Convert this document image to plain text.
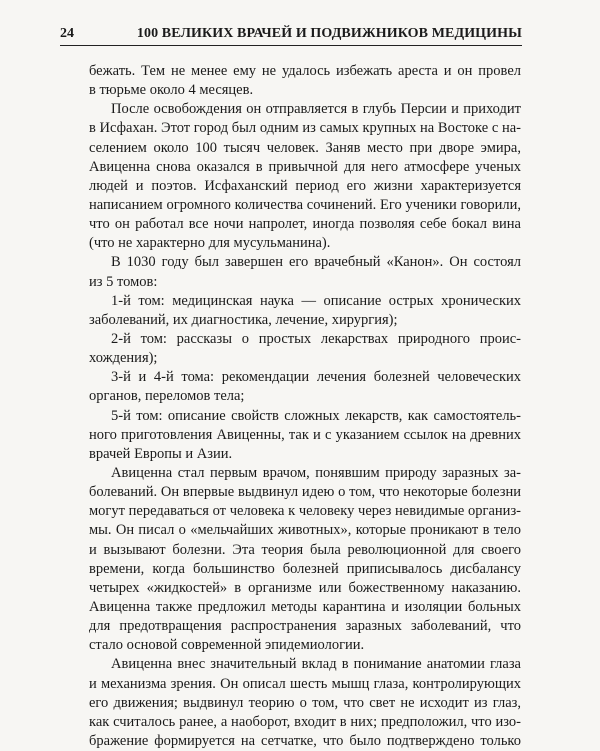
24	100 ВЕЛИКИХ ВРАЧЕЙ И ПОДВИЖНИКОВ МЕДИЦИНЫ
бежать. Тем не менее ему не удалось избежать ареста и он провел
в тюрьме около 4 месяцев.
После освобождения он отправляется в глубь Персии и приходит
в Исфахан. Этот город был одним из самых крупных на Востоке с на-
селением около 100 тысяч человек. Заняв место при дворе эмира,
Авиценна снова оказался в привычной для него атмосфере ученых
людей и поэтов. Исфаханский период его жизни характеризуется
написанием огромного количества сочинений. Его ученики говорили,
что он работал все ночи напролет, иногда позволяя себе бокал вина
(что не характерно для мусульманина).
В 1030 году был завершен его врачебный «Канон». Он состоял
из 5 томов:
1-й том: медицинская наука — описание острых хронических
заболеваний, их диагностика, лечение, хирургия);
2-й том: рассказы о простых лекарствах природного проис-
хождения);
3-й и 4-й тома: рекомендации лечения болезней человеческих
органов, переломов тела;
5-й том: описание свойств сложных лекарств, как самостоятель-
ного приготовления Авиценны, так и с указанием ссылок на древних
врачей Европы и Азии.
Авиценна стал первым врачом, понявшим природу заразных за-
болеваний. Он впервые выдвинул идею о том, что некоторые болезни
могут передаваться от человека к человеку через невидимые организ-
мы. Он писал о «мельчайших животных», которые проникают в тело
и вызывают болезни. Эта теория была революционной для своего
времени, когда большинство болезней приписывалось дисбалансу
четырех «жидкостей» в организме или божественному наказанию.
Авиценна также предложил методы карантина и изоляции больных
для предотвращения распространения заразных заболеваний, что
стало основой современной эпидемиологии.
Авиценна внес значительный вклад в понимание анатомии глаза
и механизма зрения. Он описал шесть мышц глаза, контролирующих
его движения; выдвинул теорию о том, что свет не исходит из глаз,
как считалось ранее, а наоборот, входит в них; предположил, что изо-
бражение формируется на сетчатке, что было подтверждено только
